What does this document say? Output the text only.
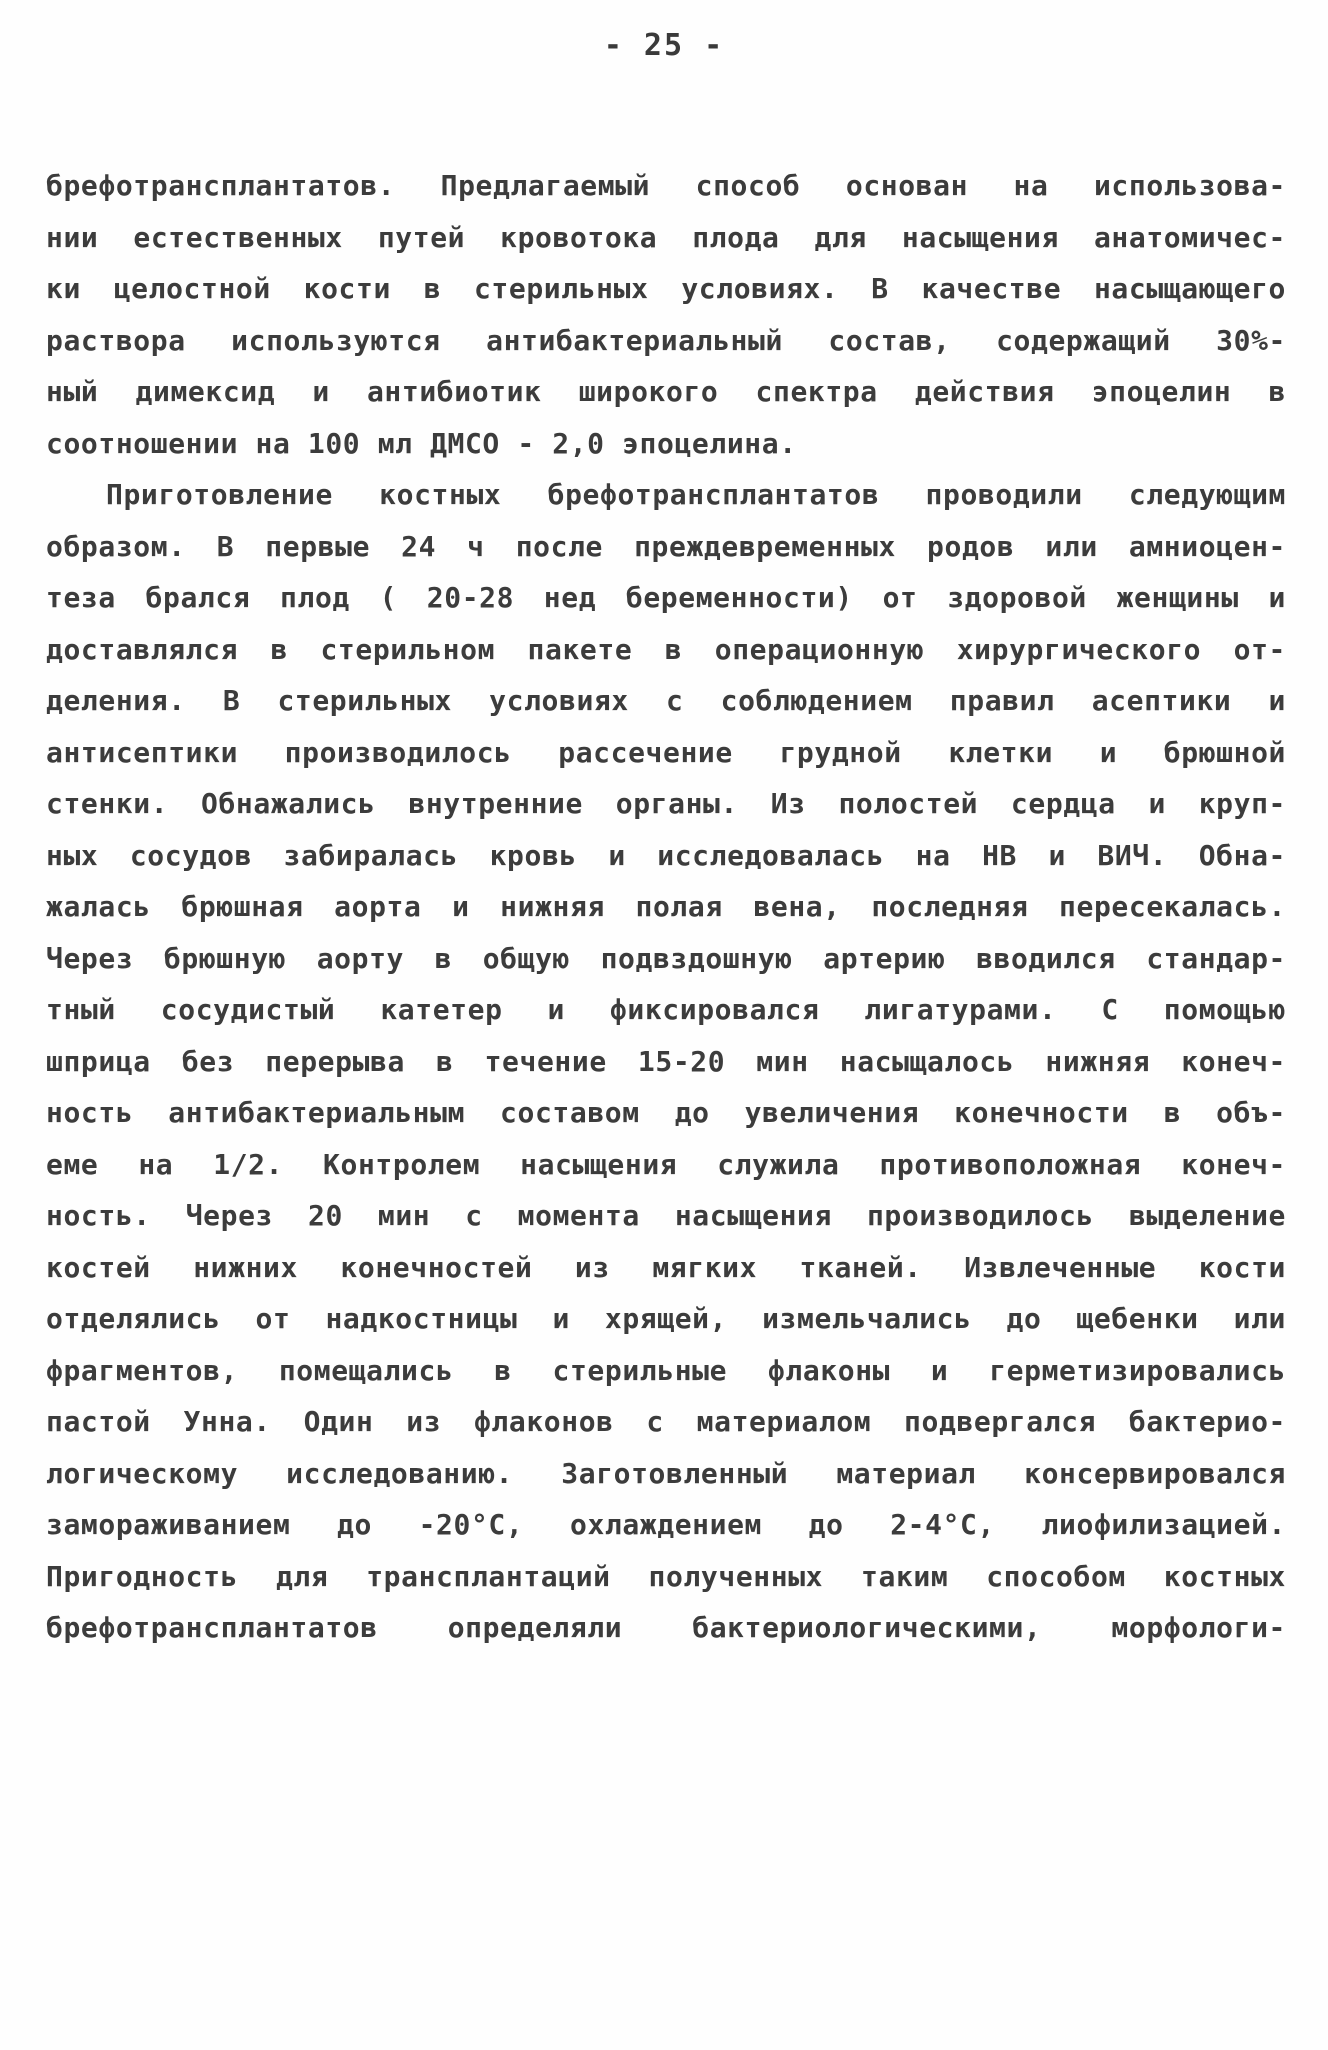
- 25 -
брефотрансплантатов. Предлагаемый способ основан на использова-
нии естественных путей кровотока плода для насыщения анатомичес-
ки целостной кости в стерильных условиях. В качестве насыщающего
раствора используются антибактериальный состав, содержащий 30%-
ный димексид и антибиотик широкого спектра действия эпоцелин в
соотношении на 100 мл ДМСО - 2,0 эпоцелина.
Приготовление костных брефотрансплантатов проводили следующим
образом. В первые 24 ч после преждевременных родов или амниоцен-
теза брался плод ( 20-28 нед беременности) от здоровой женщины и
доставлялся в стерильном пакете в операционную хирургического от-
деления. В стерильных условиях с соблюдением правил асептики и
антисептики производилось рассечение грудной клетки и брюшной
стенки. Обнажались внутренние органы. Из полостей сердца и круп-
ных сосудов забиралась кровь и исследовалась на НВ и ВИЧ. Обна-
жалась брюшная аорта и нижняя полая вена, последняя пересекалась.
Через брюшную аорту в общую подвздошную артерию вводился стандар-
тный сосудистый катетер и фиксировался лигатурами. С помощью
шприца без перерыва в течение 15-20 мин насыщалось нижняя конеч-
ность антибактериальным составом до увеличения конечности в объ-
еме на 1/2. Контролем насыщения служила противоположная конеч-
ность. Через 20 мин с момента насыщения производилось выделение
костей нижних конечностей из мягких тканей. Извлеченные кости
отделялись от надкостницы и хрящей, измельчались до щебенки или
фрагментов, помещались в стерильные флаконы и герметизировались
пастой Унна. Один из флаконов с материалом подвергался бактерио-
логическому исследованию. Заготовленный материал консервировался
замораживанием до -20°С, охлаждением до 2-4°С, лиофилизацией.
Пригодность для трансплантаций полученных таким способом костных
брефотрансплантатов определяли бактериологическими, морфологи-
